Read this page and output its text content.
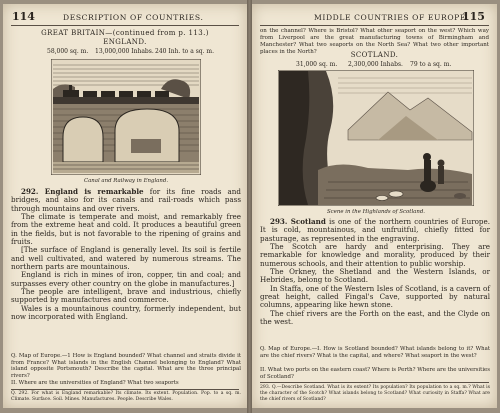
114	DESCRIPTION OF COUNTRIES.
GREAT BRITAIN—(continued from p. 113.)
ENGLAND.
58,000 sq. m. 13,000,000 Inhabs. 240 Inh. to a sq. m.
Canal and Railway in England.

292. England is remarkable for its fine roads and bridges, and also for its canals and rail-roads which pass through mountains and over rivers.

The climate is temperate and moist, and remarkably free from the extreme heat and cold. It produces a beautiful green in the fields, but is not favorable to the ripening of grains and fruits.

[The surface of England is generally level. Its soil is fertile and well cultivated, and watered by numerous streams. The northern parts are mountainous.

England is rich in mines of iron, copper, tin and coal; and surpasses every other country on the globe in manufactures.]

The people are intelligent, brave and industrious, chiefly supported by manufactures and commerce.

Wales is a mountainous country, formerly independent, but now incorporated with England.

Q. Map of Europe.—1 How is England bounded? What channel and straits divide it from France? What islands in the English Channel belonging to England? What island opposite Portsmouth? Describe the capital. What are the three principal rivers?
II. Where are the universities of England? What two seaports
Q. 292. For what is England remarkable? Its climate. Its extent. Population. Pop. to a sq. m. Climate. Surface. Soil. Mines. Manufactures. People. Describe Wales.
MIDDLE COUNTRIES OF EUROPE.
115
on the channel? Where is Bristol? What other seaport on the west? Which way from Liverpool are the great manufacturing towns of Birmingham and Manchester? What two seaports on the North Sea? What two other important places in the North?	SCOTLAND.
31,000 sq. m. 2,300,000 Inhabs. 79 to a sq. m.
Scene in the Highlands of Scotland.

293. Scotland is one of the northern countries of Europe. It is cold, mountainous, and unfruitful, chiefly fitted for pasturage, as represented in the engraving.

The Scotch are hardy and enterprising. They are remarkable for knowledge and morality, produced by their numerous schools, and their attention to public worship.

The Orkney, the Shetland and the Western Islands, or Hebrides, belong to Scotland.

In Staffa, one of the Western Isles of Scotland, is a cavern of great height, called Fingal's Cave, supported by natural columns, appearing like hewn stone.

The chief rivers are the Forth on the east, and the Clyde on the west.

Q. Map of Europe.—I. How is Scotland bounded? What islands belong to it? What are the chief rivers? What is the capital, and where? What seaport in the west?
II. What two ports on the eastern coast? Where is Perth? Where are the universities of Scotland?
293. Q.—Describe Scotland. What is its extent? Its population? Its population to a sq. m.? What is the character of the Scotch? What islands belong to Scotland? What curiosity in Staffa? What are the chief rivers of Scotland?
